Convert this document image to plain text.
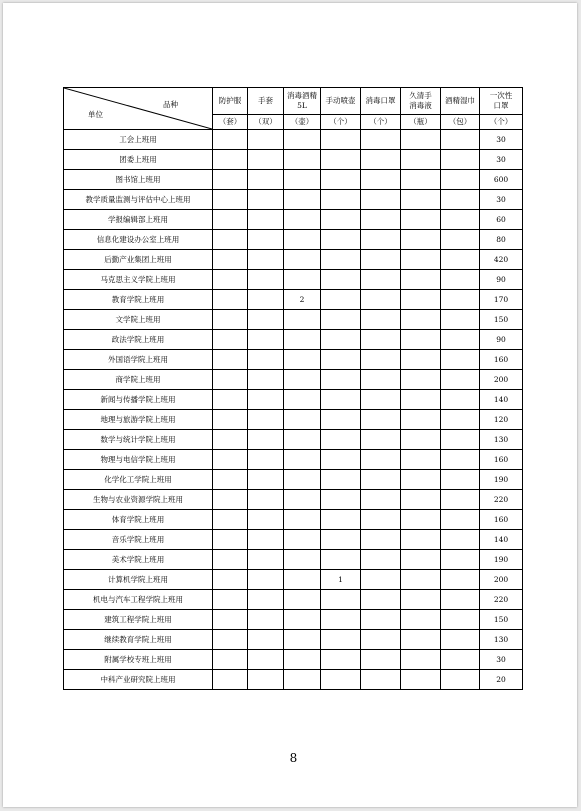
品种
单位	防护服	手套	消毒酒精
5L	手动喷壶	消毒口罩	久清手
消毒液	酒精湿巾	一次性
口罩
	（套）	（双）	（壶）	（个）	（个）	（瓶）	（包）	（个）
工会上班用								30
团委上班用								30
图书馆上班用								600
教学质量监测与评估中心上班用								30
学报编辑部上班用								60
信息化建设办公室上班用								80
后勤产业集团上班用								420
马克思主义学院上班用								90
教育学院上班用			2					170
文学院上班用								150
政法学院上班用								90
外国语学院上班用								160
商学院上班用								200
新闻与传播学院上班用								140
地理与旅游学院上班用								120
数学与统计学院上班用								130
物理与电信学院上班用								160
化学化工学院上班用								190
生物与农业资源学院上班用								220
体育学院上班用								160
音乐学院上班用								140
美术学院上班用								190
计算机学院上班用				1				200
机电与汽车工程学院上班用								220
建筑工程学院上班用								150
继续教育学院上班用								130
附属学校专班上班用								30
中科产业研究院上班用								20
8
